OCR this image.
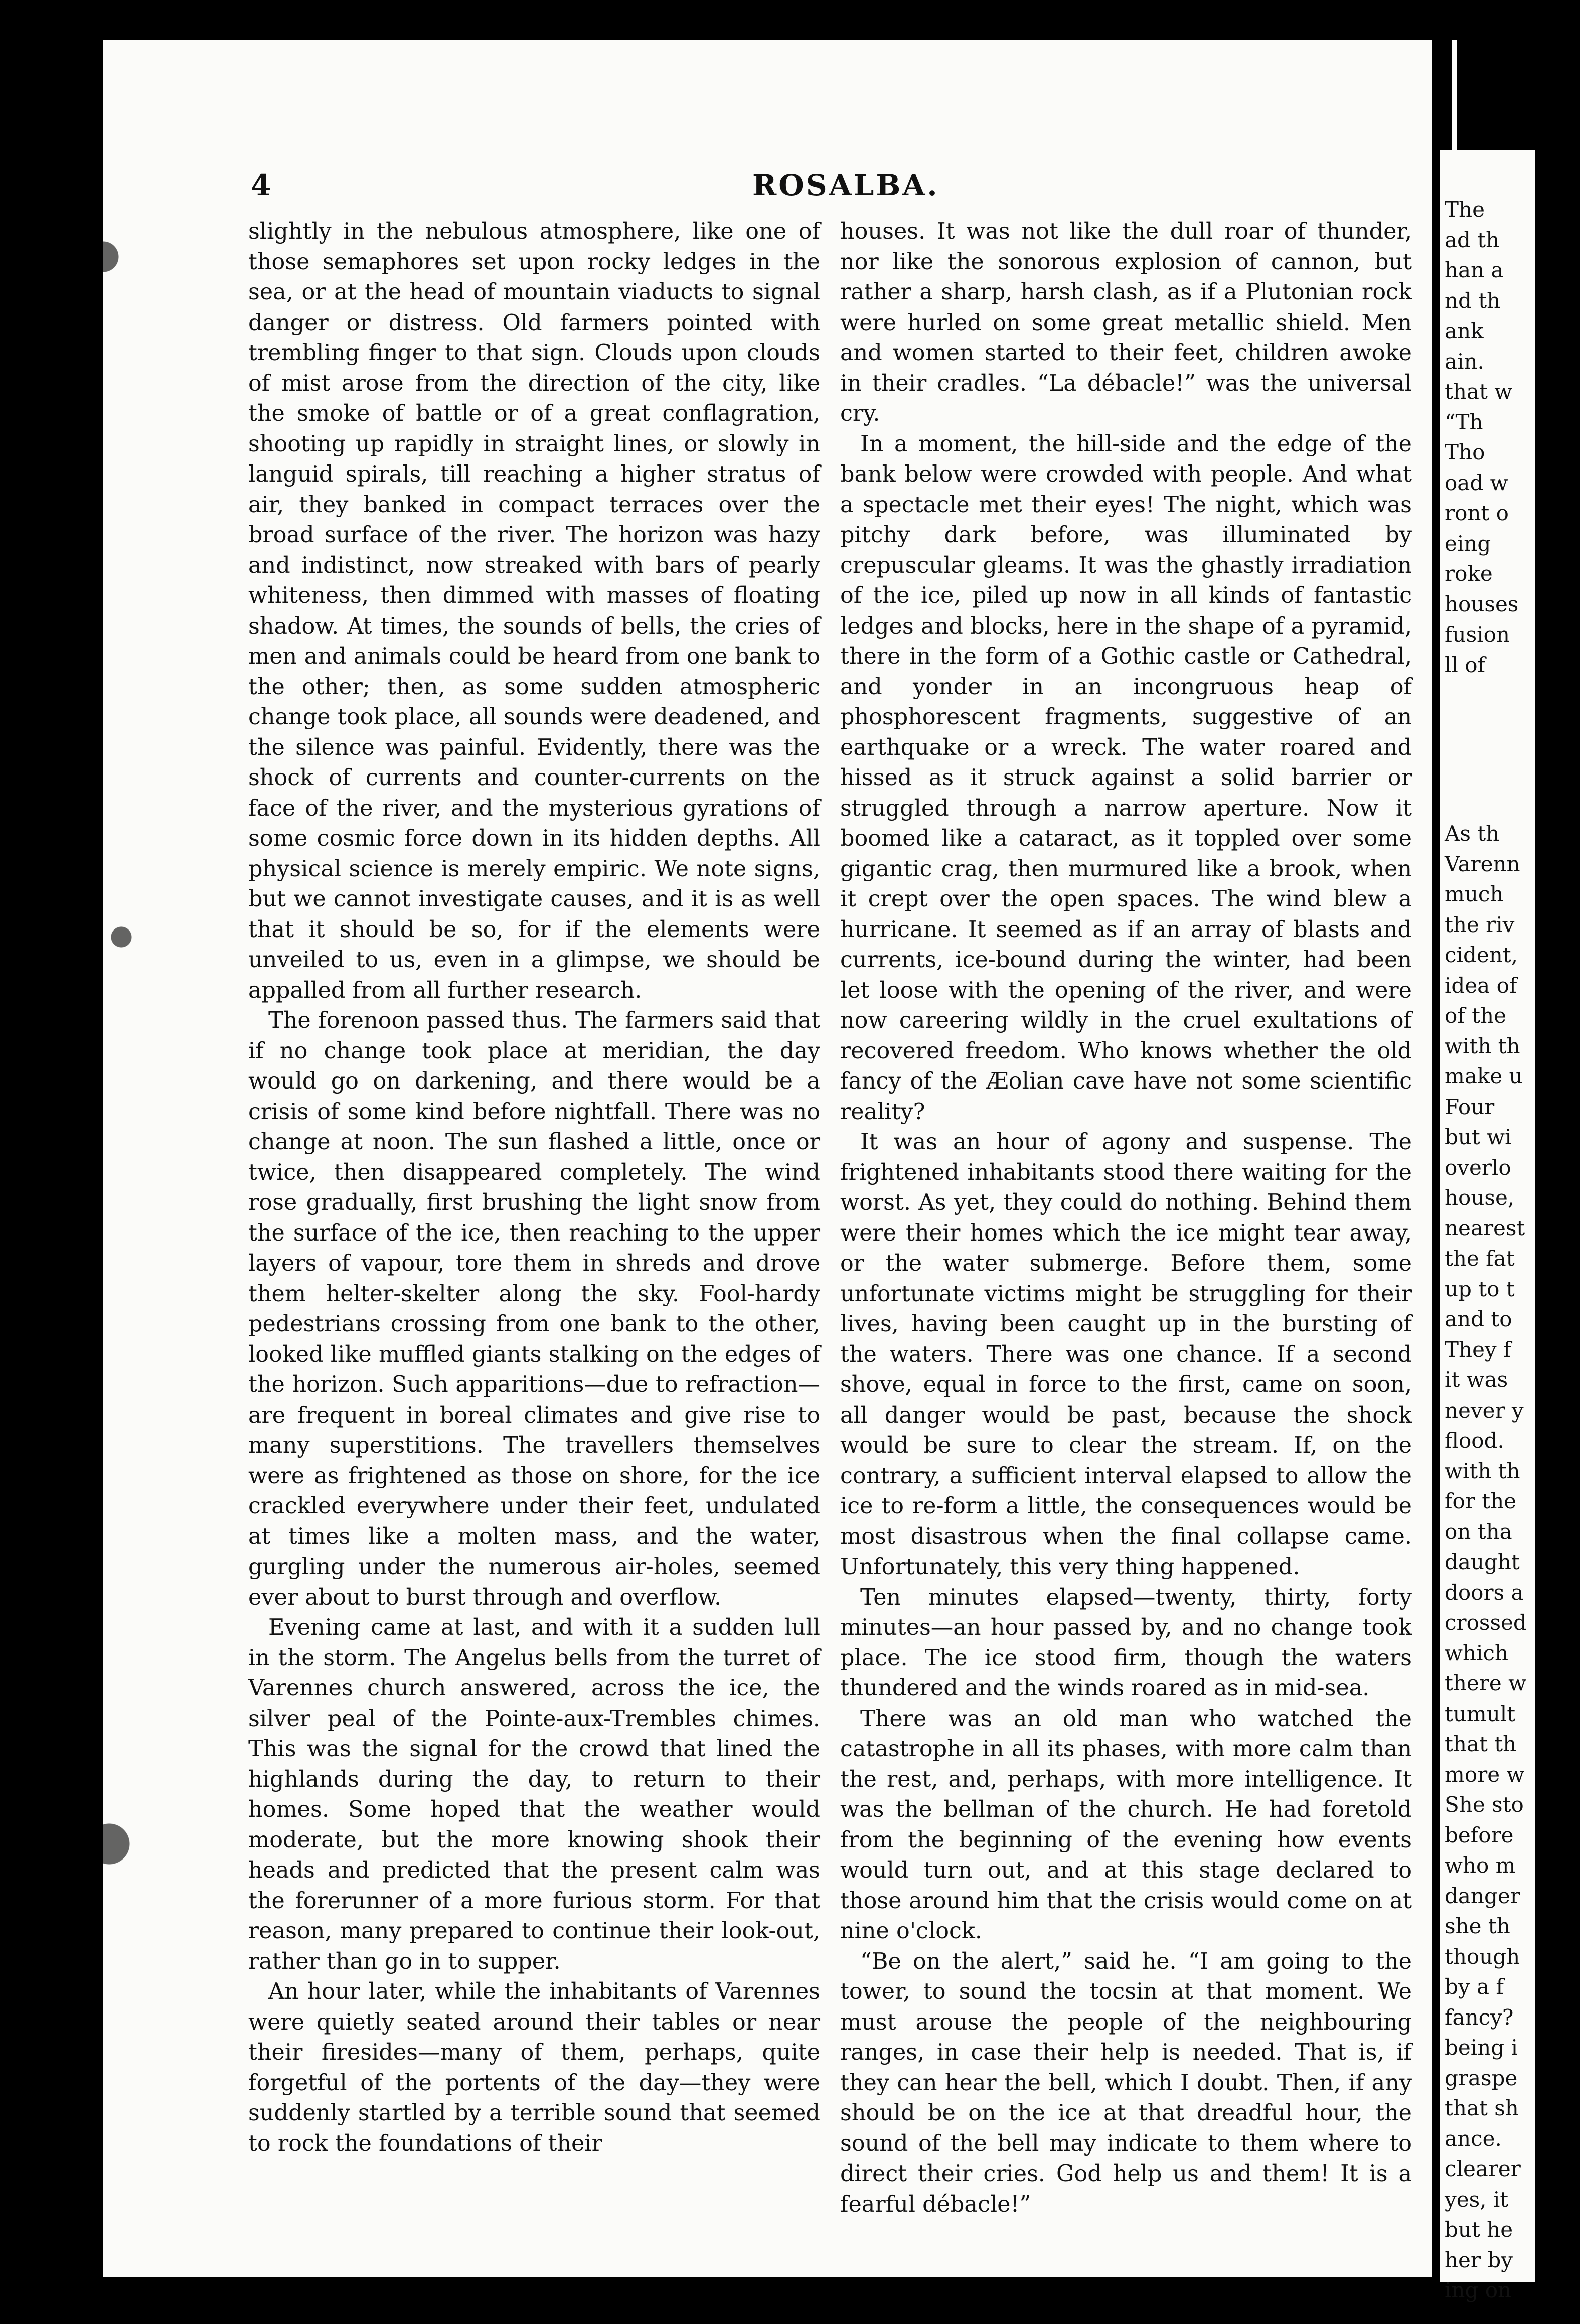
4	ROSALBA.

slightly in the nebulous atmosphere, like one of those semaphores set upon rocky ledges in the sea, or at the head of mountain viaducts to signal danger or distress. Old farmers pointed with trembling finger to that sign. Clouds upon clouds of mist arose from the direction of the city, like the smoke of battle or of a great conflagration, shooting up rapidly in straight lines, or slowly in languid spirals, till reaching a higher stratus of air, they banked in compact terraces over the broad surface of the river. The horizon was hazy and indistinct, now streaked with bars of pearly whiteness, then dimmed with masses of floating shadow. At times, the sounds of bells, the cries of men and animals could be heard from one bank to the other; then, as some sudden atmospheric change took place, all sounds were deadened, and the silence was painful. Evidently, there was the shock of currents and counter-currents on the face of the river, and the mysterious gyrations of some cosmic force down in its hidden depths. All physical science is merely empiric. We note signs, but we cannot investigate causes, and it is as well that it should be so, for if the elements were unveiled to us, even in a glimpse, we should be appalled from all further research.

The forenoon passed thus. The farmers said that if no change took place at meridian, the day would go on darkening, and there would be a crisis of some kind before nightfall. There was no change at noon. The sun flashed a little, once or twice, then disappeared completely. The wind rose gradually, first brushing the light snow from the surface of the ice, then reaching to the upper layers of vapour, tore them in shreds and drove them helter-skelter along the sky. Fool-hardy pedestrians crossing from one bank to the other, looked like muffled giants stalking on the edges of the horizon. Such apparitions—due to refraction—are frequent in boreal climates and give rise to many superstitions. The travellers themselves were as frightened as those on shore, for the ice crackled everywhere under their feet, undulated at times like a molten mass, and the water, gurgling under the numerous air-holes, seemed ever about to burst through and overflow.

Evening came at last, and with it a sudden lull in the storm. The Angelus bells from the turret of Varennes church answered, across the ice, the silver peal of the Pointe-aux-Trembles chimes. This was the signal for the crowd that lined the highlands during the day, to return to their homes. Some hoped that the weather would moderate, but the more knowing shook their heads and predicted that the present calm was the forerunner of a more furious storm. For that reason, many prepared to continue their look-out, rather than go in to supper.

An hour later, while the inhabitants of Varennes were quietly seated around their tables or near their firesides—many of them, perhaps, quite forgetful of the portents of the day—they were suddenly startled by a terrible sound that seemed to rock the foundations of their

houses. It was not like the dull roar of thunder, nor like the sonorous explosion of cannon, but rather a sharp, harsh clash, as if a Plutonian rock were hurled on some great metallic shield. Men and women started to their feet, children awoke in their cradles. “La débacle!” was the universal cry.

In a moment, the hill-side and the edge of the bank below were crowded with people. And what a spectacle met their eyes! The night, which was pitchy dark before, was illuminated by crepuscular gleams. It was the ghastly irradiation of the ice, piled up now in all kinds of fantastic ledges and blocks, here in the shape of a pyramid, there in the form of a Gothic castle or Cathedral, and yonder in an incongruous heap of phosphorescent fragments, suggestive of an earthquake or a wreck. The water roared and hissed as it struck against a solid barrier or struggled through a narrow aperture. Now it boomed like a cataract, as it toppled over some gigantic crag, then murmured like a brook, when it crept over the open spaces. The wind blew a hurricane. It seemed as if an array of blasts and currents, ice-bound during the winter, had been let loose with the opening of the river, and were now careering wildly in the cruel exultations of recovered freedom. Who knows whether the old fancy of the Æolian cave have not some scientific reality?

It was an hour of agony and suspense. The frightened inhabitants stood there waiting for the worst. As yet, they could do nothing. Behind them were their homes which the ice might tear away, or the water submerge. Before them, some unfortunate victims might be struggling for their lives, having been caught up in the bursting of the waters. There was one chance. If a second shove, equal in force to the first, came on soon, all danger would be past, because the shock would be sure to clear the stream. If, on the contrary, a sufficient interval elapsed to allow the ice to re-form a little, the consequences would be most disastrous when the final collapse came. Unfortunately, this very thing happened.

Ten minutes elapsed—twenty, thirty, forty minutes—an hour passed by, and no change took place. The ice stood firm, though the waters thundered and the winds roared as in mid-sea.

There was an old man who watched the catastrophe in all its phases, with more calm than the rest, and, perhaps, with more intelligence. It was the bellman of the church. He had foretold from the beginning of the evening how events would turn out, and at this stage declared to those around him that the crisis would come on at nine o'clock.

“Be on the alert,” said he. “I am going to the tower, to sound the tocsin at that moment. We must arouse the people of the neighbouring ranges, in case their help is needed. That is, if they can hear the bell, which I doubt. Then, if any should be on the ice at that dreadful hour, the sound of the bell may indicate to them where to direct their cries. God help us and them! It is a fearful débacle!”

The
ad th
han a
nd th
ank
ain.
that w
“Th
Tho
oad w
ront o
eing
roke
houses
fusion
ll of
As th
Varenn
much
the riv
cident,
idea of
of the
with th
make u
Four
but wi
overlo
house,
nearest
the fat
up to t
and to
They f
it was
never y
flood.
with th
for the
on tha
daught
doors a
crossed
which
there w
tumult
that th
more w
She sto
before
who m
danger
she th
though
by a f
fancy?
being i
graspe
that sh
ance.
clearer
yes, it
but he
her by
ing on
